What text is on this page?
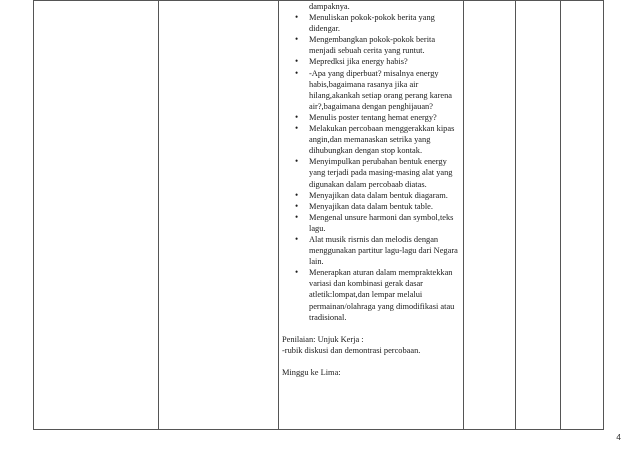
dampaknya.
• Menuliskan pokok-pokok berita yang didengar.
• Mengembangkan pokok-pokok berita menjadi sebuah cerita yang runtut.
• Mepredksi jika energy habis?
• -Apa yang diperbuat? misalnya energy habis,bagaimana rasanya jika air hilang,akankah setiap orang perang karena air?,bagaimana dengan penghijauan?
• Menulis poster tentang hemat energy?
• Melakukan percobaan menggerakkan kipas angin,dan memanaskan setrika yang dihubungkan dengan stop kontak.
• Menyimpulkan perubahan bentuk energy yang terjadi pada masing-masing alat yang digunakan dalam percobaab diatas.
• Menyajikan data dalam bentuk diagaram.
• Menyajikan data dalam bentuk table.
• Mengenal unsure harmoni dan symbol,teks lagu.
• Alat musik risrnis dan melodis dengan menggunakan partitur lagu-lagu dari Negara lain.
• Menerapkan aturan dalam mempraktekkan variasi dan kombinasi gerak dasar atletik:lompat,dan lempar melalui permainan/olahraga yang dimodifikasi atau tradisional.
Penilaian: Unjuk Kerja :
-rubik diskusi dan demontrasi percobaan.
Minggu ke Lima:

4
